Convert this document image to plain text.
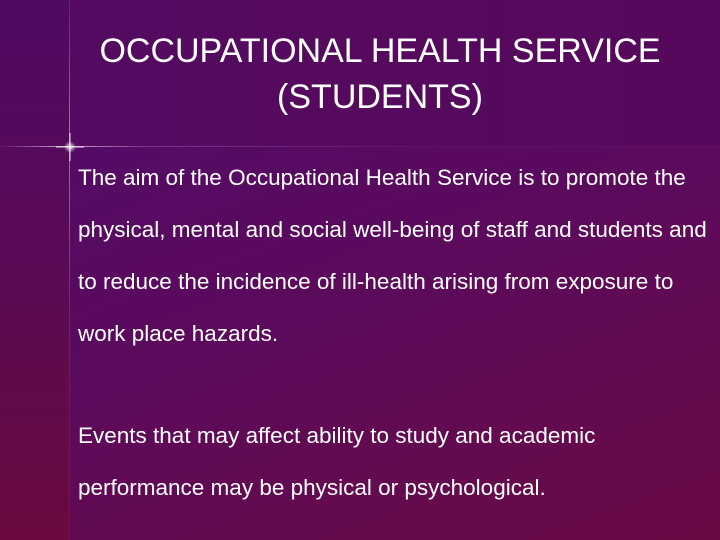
OCCUPATIONAL HEALTH SERVICE
(STUDENTS)

The aim of the Occupational Health Service is to promote the physical, mental and social well-being of staff and students and to reduce the incidence of ill-health arising from exposure to work place hazards.

Events that may affect ability to study and academic performance may be physical or psychological.
